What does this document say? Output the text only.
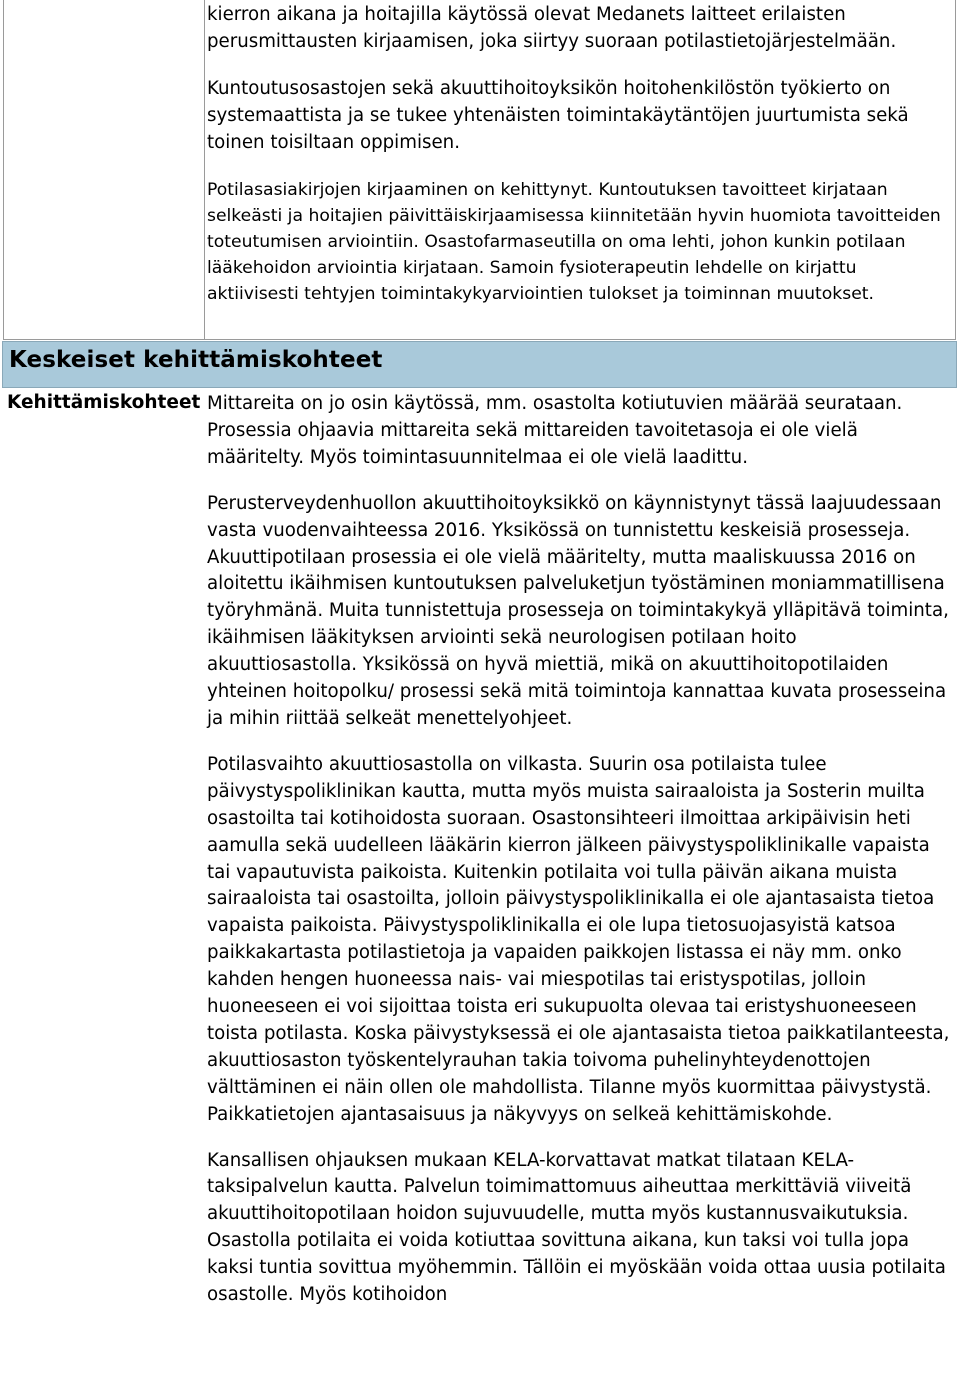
kierron aikana ja hoitajilla käytössä olevat Medanets laitteet erilaisten perusmittausten kirjaamisen, joka siirtyy suoraan potilastietojärjestelmään.

Kuntoutusosastojen sekä akuuttihoitoyksikön hoitohenkilöstön työkierto on systemaattista ja se tukee yhtenäisten toimintakäytäntöjen juurtumista sekä toinen toisiltaan oppimisen.

Potilasasiakirjojen kirjaaminen on kehittynyt. Kuntoutuksen tavoitteet kirjataan selkeästi ja hoitajien päivittäiskirjaamisessa kiinnitetään hyvin huomiota tavoitteiden toteutumisen arviointiin. Osastofarmaseutilla on oma lehti, johon kunkin potilaan lääkehoidon arviointia kirjataan. Samoin fysioterapeutin lehdelle on kirjattu aktiivisesti tehtyjen toimintakykyarviointien tulokset ja toiminnan muutokset.

Keskeiset kehittämiskohteet
Kehittämiskohteet Mittareita on jo osin käytössä, mm. osastolta kotiutuvien määrää seurataan. Prosessia ohjaavia mittareita sekä mittareiden tavoitetasoja ei ole vielä määritelty. Myös toimintasuunnitelmaa ei ole vielä laadittu.

Perusterveydenhuollon akuuttihoitoyksikkö on käynnistynyt tässä laajuudessaan vasta vuodenvaihteessa 2016. Yksikössä on tunnistettu keskeisiä prosesseja. Akuuttipotilaan prosessia ei ole vielä määritelty, mutta maaliskuussa 2016 on aloitettu ikäihmisen kuntoutuksen palveluketjun työstäminen moniammatillisena työryhmänä. Muita tunnistettuja prosesseja on toimintakykyä ylläpitävä toiminta, ikäihmisen lääkityksen arviointi sekä neurologisen potilaan hoito akuuttiosastolla. Yksikössä on hyvä miettiä, mikä on akuuttihoitopotilaiden yhteinen hoitopolku/ prosessi sekä mitä toimintoja kannattaa kuvata prosesseina ja mihin riittää selkeät menettelyohjeet.

Potilasvaihto akuuttiosastolla on vilkasta. Suurin osa potilaista tulee päivystyspoliklinikan kautta, mutta myös muista sairaaloista ja Sosterin muilta osastoilta tai kotihoidosta suoraan. Osastonsihteeri ilmoittaa arkipäivisin heti aamulla sekä uudelleen lääkärin kierron jälkeen päivystyspoliklinikalle vapaista tai vapautuvista paikoista. Kuitenkin potilaita voi tulla päivän aikana muista sairaaloista tai osastoilta, jolloin päivystyspoliklinikalla ei ole ajantasaista tietoa vapaista paikoista. Päivystyspoliklinikalla ei ole lupa tietosuojasyistä katsoa paikkakartasta potilastietoja ja vapaiden paikkojen listassa ei näy mm. onko kahden hengen huoneessa nais- vai miespotilas tai eristyspotilas, jolloin huoneeseen ei voi sijoittaa toista eri sukupuolta olevaa tai eristyshuoneeseen toista potilasta. Koska päivystyksessä ei ole ajantasaista tietoa paikkatilanteesta, akuuttiosaston työskentelyrauhan takia toivoma puhelinyhteydenottojen välttäminen ei näin ollen ole mahdollista. Tilanne myös kuormittaa päivystystä. Paikkatietojen ajantasaisuus ja näkyvyys on selkeä kehittämiskohde.

Kansallisen ohjauksen mukaan KELA-korvattavat matkat tilataan KELA-taksipalvelun kautta. Palvelun toimimattomuus aiheuttaa merkittäviä viiveitä akuuttihoitopotilaan hoidon sujuvuudelle, mutta myös kustannusvaikutuksia. Osastolla potilaita ei voida kotiuttaa sovittuna aikana, kun taksi voi tulla jopa kaksi tuntia sovittua myöhemmin. Tällöin ei myöskään voida ottaa uusia potilaita osastolle. Myös kotihoidon
